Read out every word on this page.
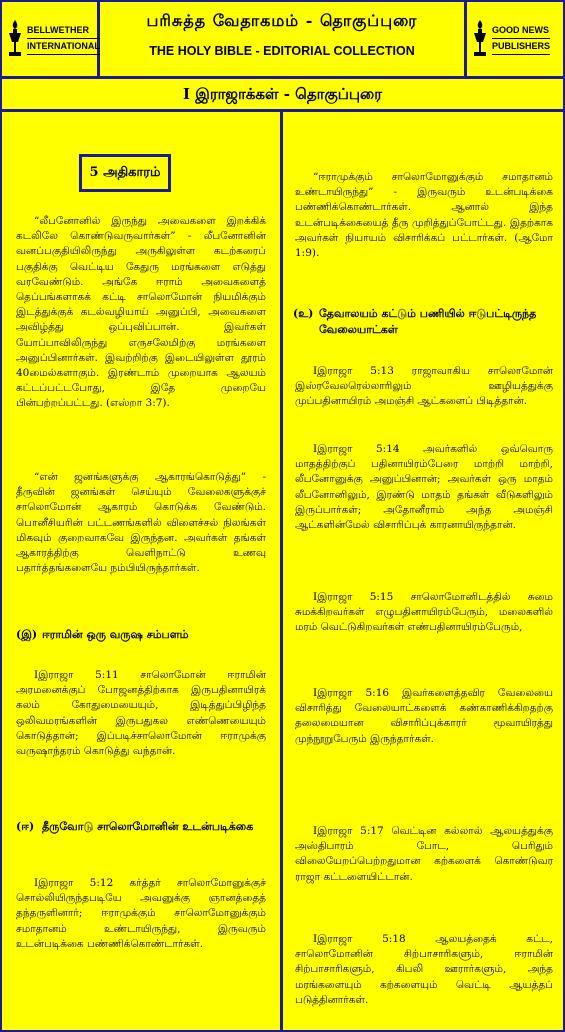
BELLWETHER
INTERNATIONAL
பரிசுத்த வேதாகமம் - தொகுப்புரை
THE HOLY BIBLE - EDITORIAL COLLECTION
GOOD NEWS
PUBLISHERS
I இராஜாக்கள் - தொகுப்புரை
5 அதிகாரம்

“லீபனோனில் இருந்து அவைகளை இறக்கிக் கடலிலே கொண்டுவருவார்கள்” - லீபனோனின் வனப்பகுதியிலிருந்து அருகிலுள்ள கடற்கரைப் பகுதிக்கு வெட்டிய கேதுரு மரங்களை எடுத்து வரவேண்டும். அங்கே ஈராம் அவைகளைத் தெப்பங்களாகக் கட்டி சாலொமோன் நியமிக்கும் இடத்துக்குக் கடல்வழியாய் அனுப்பி, அவைகளை அவிழ்த்து ஒப்புவிப்பான். இவர்கள் யோப்பாவிலிருந்து எருசலேமிற்கு மரங்களை அனுப்பினார்கள். இவற்றிற்கு இடையிலுள்ள தூரம் 40மைல்களாகும். இரண்டாம் முறையாக ஆலயம் கட்டப்பட்டபோது, இதே முறையே பின்பற்றப்பட்டது. (எஸ்றா 3:7).

“என் ஜனங்களுக்கு ஆகாரங்கொடுத்து” - தீருவின் ஜனங்கள் செய்யும் வேலைகளுக்குச் சாலொமோன் ஆகாரம் கொடுக்க வேண்டும். பொனீசியரின் பட்டணங்களில் விளைச்சல் நிலங்கள் மிகவும் குறைவாகவே இருந்தன. அவர்கள் தங்கள் ஆகாரத்திற்கு வெளிநாட்டு உணவு பதார்த்தங்களையே நம்பியிருந்தார்கள்.

(இ) ஈராமின் ஒரு வருஷ சம்பளம்

Iஇராஜா 5:11 சாலொமோன் ஈராமின் அரமனைக்குப் போஜனத்திற்காக இருபதினாயிரக் கலம் கோதுமையையும், இடித்துப்பிழிந்த ஒலிவமரங்களின் இருபதுகல எண்ணெயையும் கொடுத்தான்; இப்படிச்சாலொமோன் ஈராமுக்கு வருஷாந்தரம் கொடுத்து வந்தான்.

(ஈ) தீருவோடு சாலொமோனின் உடன்படிக்கை

Iஇராஜா 5:12 கர்த்தர் சாலொமோனுக்குச் சொல்லியிருந்தபடியே அவனுக்கு ஞானத்தைத் தந்தருளினார்; ஈராமுக்கும் சாலொமோனுக்கும் சமாதானம் உண்டாயிருந்து, இருவரும் உடன்படிக்கை பண்ணிக்கொண்டார்கள்.

“ஈராமுக்கும் சாலொமோனுக்கும் சமாதானம் உண்டாயிருந்து” - இருவரும் உடன்படிக்கை பண்ணிக்கொண்டார்கள். ஆனால் இந்த உடன்படிக்கையைத் தீரு முறித்துப்போட்டது. இதற்காக அவர்கள் நியாயம் விசாரிக்கப் பட்டார்கள். (ஆமோ 1:9).

(உ) தேவாலயம் கட்டும் பணியில் ஈடுபட்டிருந்த வேலையாட்கள்

Iஇராஜா 5:13 ராஜாவாகிய சாலொமோன் இஸ்ரவேலரெல்லாரிலும் ஊழியத்துக்கு முப்பதினாயிரம் அமஞ்சி ஆட்களைப் பிடித்தான்.

Iஇராஜா 5:14 அவர்களில் ஒவ்வொரு மாதத்திற்குப் பதினாயிரம்பேரை மாற்றி மாற்றி, லீபனோனுக்கு அனுப்பினான்; அவர்கள் ஒரு மாதம் லீபனோனிலும், இரண்டு மாதம் தங்கள் வீடுகளிலும் இருப்பார்கள்; அதோனீராம் அந்த அமஞ்சி ஆட்களின்மேல் விசாரிப்புக் காரனாயிருந்தான்.

Iஇராஜா 5:15 சாலொமோனிடத்தில் சுமை சுமக்கிறவர்கள் எழுபதினாயிரம்பேரும், மலைகளில் மரம் வெட்டுகிறவர்கள் எண்பதினாயிரம்பேரும்,

Iஇராஜா 5:16 இவர்களைத்தவிர வேலையை விசாரித்து வேலையாட்களைக் கண்காணிக்கிறதற்கு தலைமையான விசாரிப்புக்காரர் மூவாயிரத்து முந்நூறுபேரும் இருந்தார்கள்.

Iஇராஜா 5:17 வெட்டின கல்லால் ஆலயத்துக்கு அஸ்திபாரம் போட, பெரிதும் விலையேறப்பெற்றதுமான கற்களைக் கொண்டுவர ராஜா கட்டளையிட்டான்.

Iஇராஜா 5:18 ஆலயத்தைக் கட்ட, சாலொமோனின் சிற்பாசாரிகளும், ஈராமின் சிற்பாசாரிகளும், கிபலி ஊரார்களும், அந்த மரங்களையும் கற்களையும் வெட்டி ஆயத்தப் படுத்தினார்கள்.
